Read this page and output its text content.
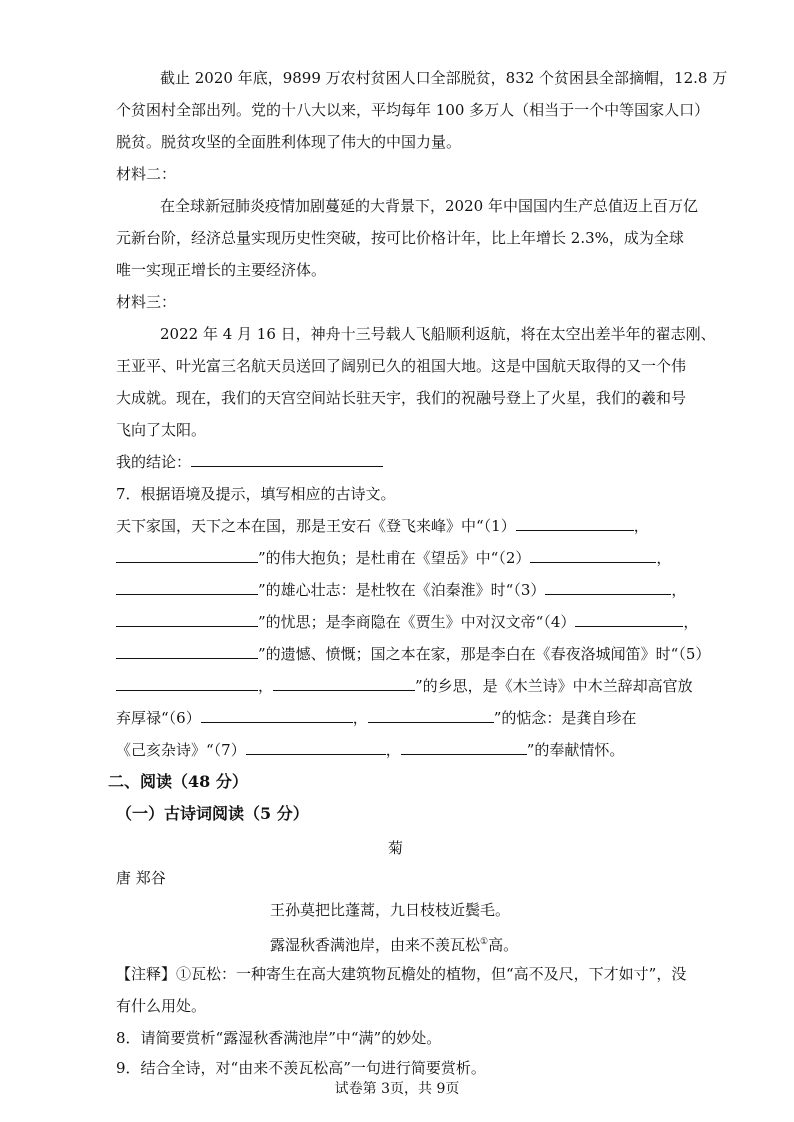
截止 2020 年底，9899 万农村贫困人口全部脱贫，832 个贫困县全部摘帽，12.8 万
个贫困村全部出列。党的十八大以来，平均每年 100 多万人（相当于一个中等国家人口）
脱贫。脱贫攻坚的全面胜利体现了伟大的中国力量。
材料二：
在全球新冠肺炎疫情加剧蔓延的大背景下，2020 年中国国内生产总值迈上百万亿
元新台阶，经济总量实现历史性突破，按可比价格计年，比上年增长 2.3%，成为全球
唯一实现正增长的主要经济体。
材料三：
2022 年 4 月 16 日，神舟十三号载人飞船顺利返航，将在太空出差半年的翟志刚、
王亚平、叶光富三名航天员送回了阔别已久的祖国大地。这是中国航天取得的又一个伟
大成就。现在，我们的天宫空间站长驻天宇，我们的祝融号登上了火星，我们的羲和号
飞向了太阳。
我的结论：
7．根据语境及提示，填写相应的古诗文。
天下家国，天下之本在国，那是王安石《登飞来峰》中“（1）	，
”的伟大抱负；是杜甫在《望岳》中“（2）	，
”的雄心壮志：是杜牧在《泊秦淮》时“（3）	，
”的忧思；是李商隐在《贾生》中对汉文帝“（4）	，
”的遗憾、愤慨；国之本在家，那是李白在《春夜洛城闻笛》时“（5）
，	”的乡思，是《木兰诗》中木兰辞却高官放
弃厚禄“（6）	，	”的惦念：是龚自珍在
《己亥杂诗》“（7）	，	”的奉献情怀。
二、阅读（48 分）
（一）古诗词阅读（5 分）
菊
唐 郑谷
王孙莫把比蓬蒿，九日枝枝近鬓毛。
露湿秋香满池岸，由来不羡瓦松①高。
【注释】①瓦松：一种寄生在高大建筑物瓦檐处的植物，但“高不及尺，下才如寸”，没
有什么用处。
8．请简要赏析“露湿秋香满池岸”中“满”的妙处。
9．结合全诗，对“由来不羡瓦松高”一句进行简要赏析。
试卷第 3页，共 9页
